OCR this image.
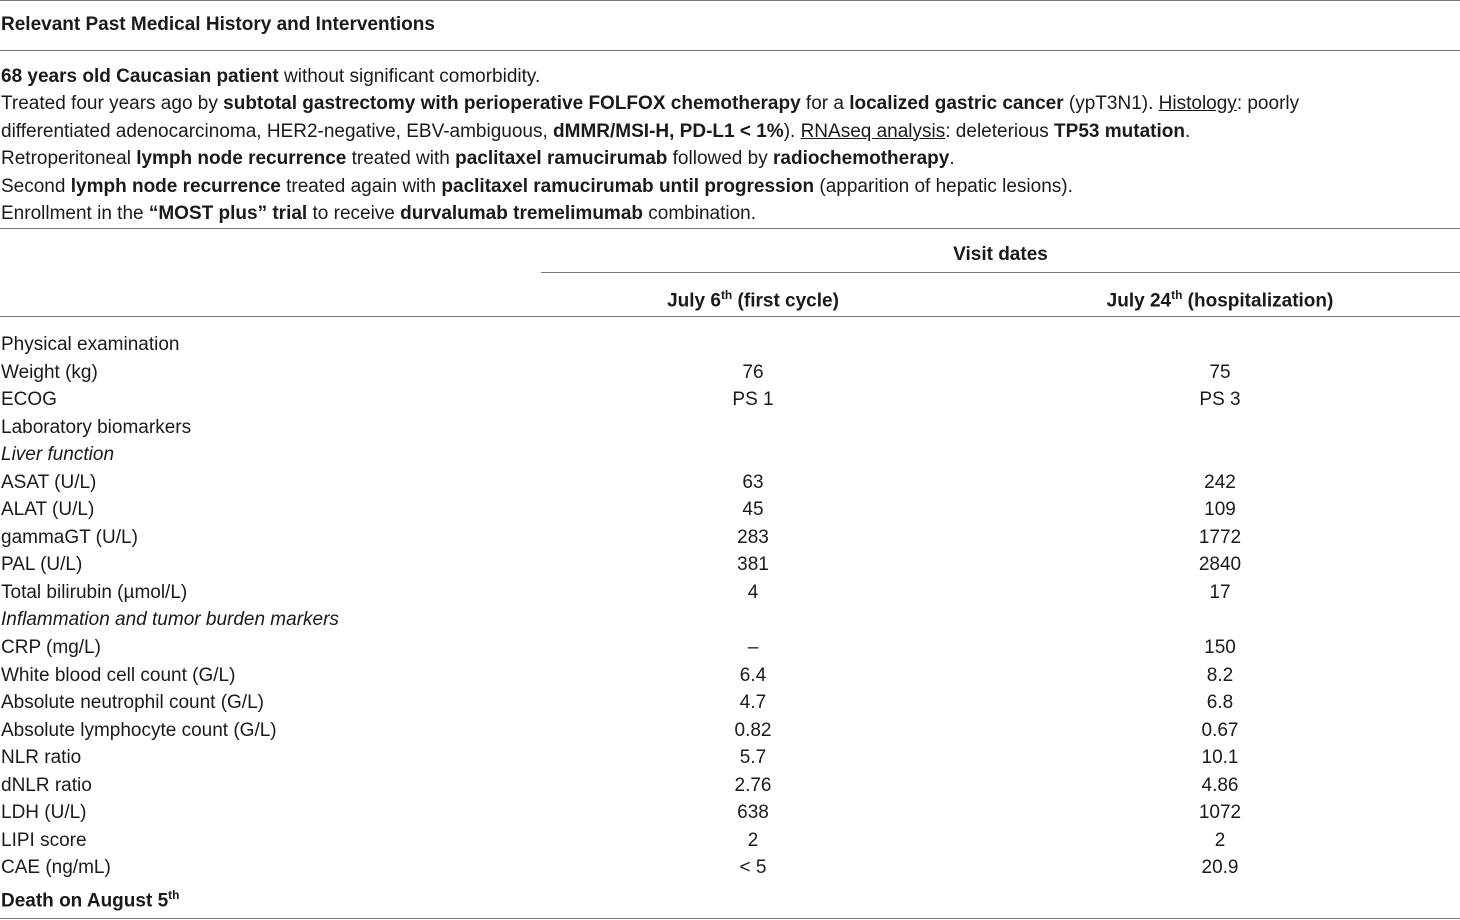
Relevant Past Medical History and Interventions
68 years old Caucasian patient without significant comorbidity.
Treated four years ago by subtotal gastrectomy with perioperative FOLFOX chemotherapy for a localized gastric cancer (ypT3N1). Histology: poorly
differentiated adenocarcinoma, HER2-negative, EBV-ambiguous, dMMR/MSI-H, PD-L1 < 1%). RNAseq analysis: deleterious TP53 mutation.
Retroperitoneal lymph node recurrence treated with paclitaxel ramucirumab followed by radiochemotherapy.
Second lymph node recurrence treated again with paclitaxel ramucirumab until progression (apparition of hepatic lesions).
Enrollment in the “MOST plus” trial to receive durvalumab tremelimumab combination.
Visit dates
July 6th (first cycle)	July 24th (hospitalization)
Physical examination
Weight (kg)	76	75
ECOG	PS 1	PS 3
Laboratory biomarkers
Liver function
ASAT (U/L)	63	242
ALAT (U/L)	45	109
gammaGT (U/L)	283	1772
PAL (U/L)	381	2840
Total bilirubin (µmol/L)	4	17
Inflammation and tumor burden markers
CRP (mg/L)	–	150
White blood cell count (G/L)	6.4	8.2
Absolute neutrophil count (G/L)	4.7	6.8
Absolute lymphocyte count (G/L)	0.82	0.67
NLR ratio	5.7	10.1
dNLR ratio	2.76	4.86
LDH (U/L)	638	1072
LIPI score	2	2
CAE (ng/mL)	< 5	20.9
Death on August 5th
